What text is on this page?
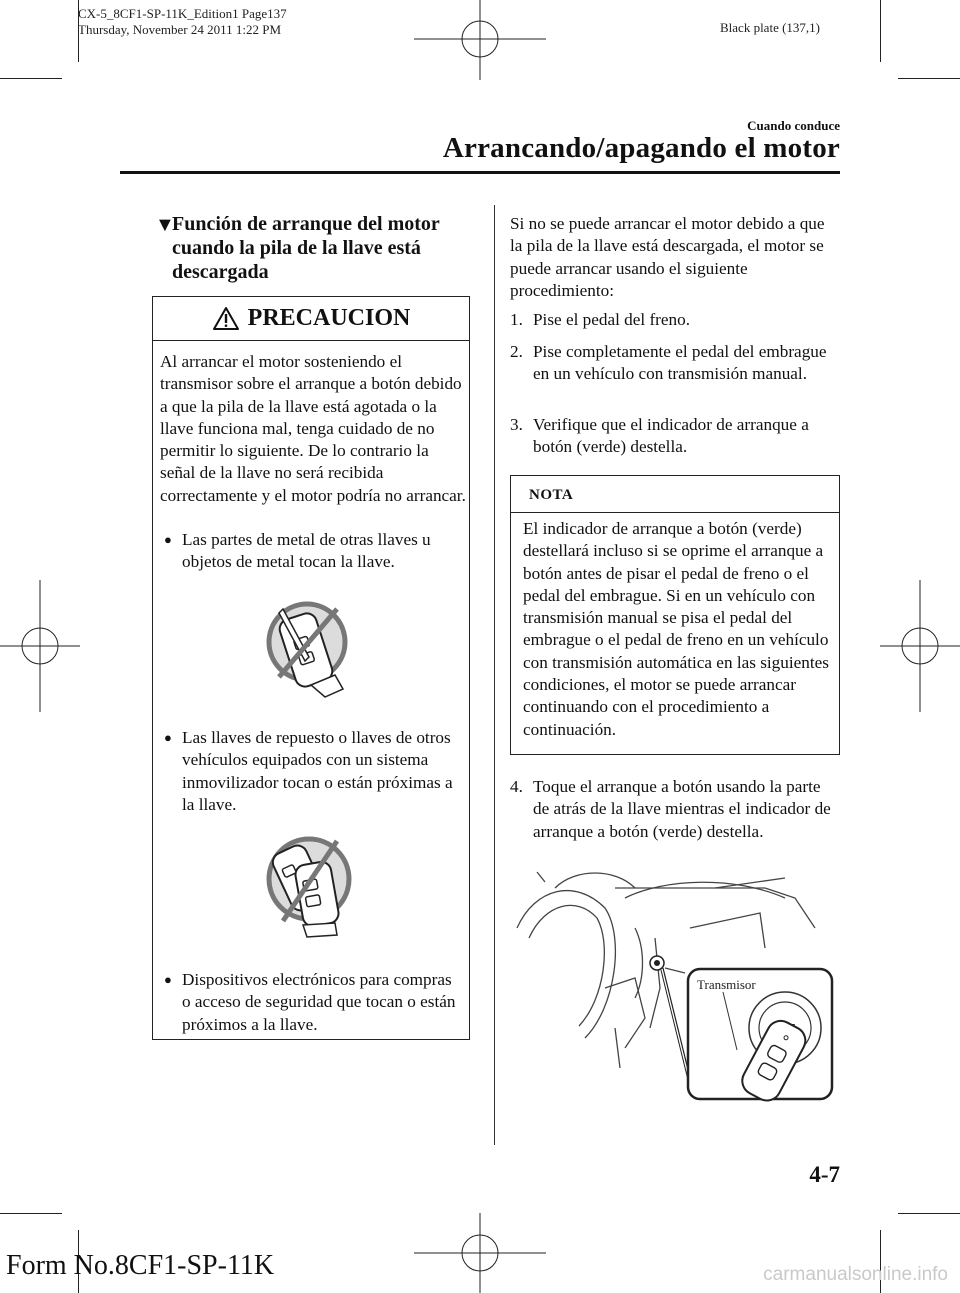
CX-5_8CF1-SP-11K_Edition1 Page137
Thursday, November 24 2011 1:22 PM	Black plate (137,1)
Cuando conduce
Arrancando/apagando el motor
▼
Función de arranque del motor cuando la pila de la llave está descargada
PRECAUCION
Al arrancar el motor sosteniendo el transmisor sobre el arranque a botón debido a que la pila de la llave está agotada o la llave funciona mal, tenga cuidado de no permitir lo siguiente. De lo contrario la señal de la llave no será recibida correctamente y el motor podría no arrancar.
● Las partes de metal de otras llaves u objetos de metal tocan la llave.
● Las llaves de repuesto o llaves de otros vehículos equipados con un sistema inmovilizador tocan o están próximas a la llave.
● Dispositivos electrónicos para compras o acceso de seguridad que tocan o están próximos a la llave.
Si no se puede arrancar el motor debido a que la pila de la llave está descargada, el motor se puede arrancar usando el siguiente procedimiento:
1. Pise el pedal del freno.
2. Pise completamente el pedal del embrague en un vehículo con transmisión manual.
3. Verifique que el indicador de arranque a botón (verde) destella.
NOTA
El indicador de arranque a botón (verde) destellará incluso si se oprime el arranque a botón antes de pisar el pedal de freno o el pedal del embrague. Si en un vehículo con transmisión manual se pisa el pedal del embrague o el pedal de freno en un vehículo con transmisión automática en las siguientes condiciones, el motor se puede arrancar continuando con el procedimiento a continuación.
4. Toque el arranque a botón usando la parte de atrás de la llave mientras el indicador de arranque a botón (verde) destella.
Transmisor
4-7
Form No.8CF1-SP-11K	carmanualsonline.info
